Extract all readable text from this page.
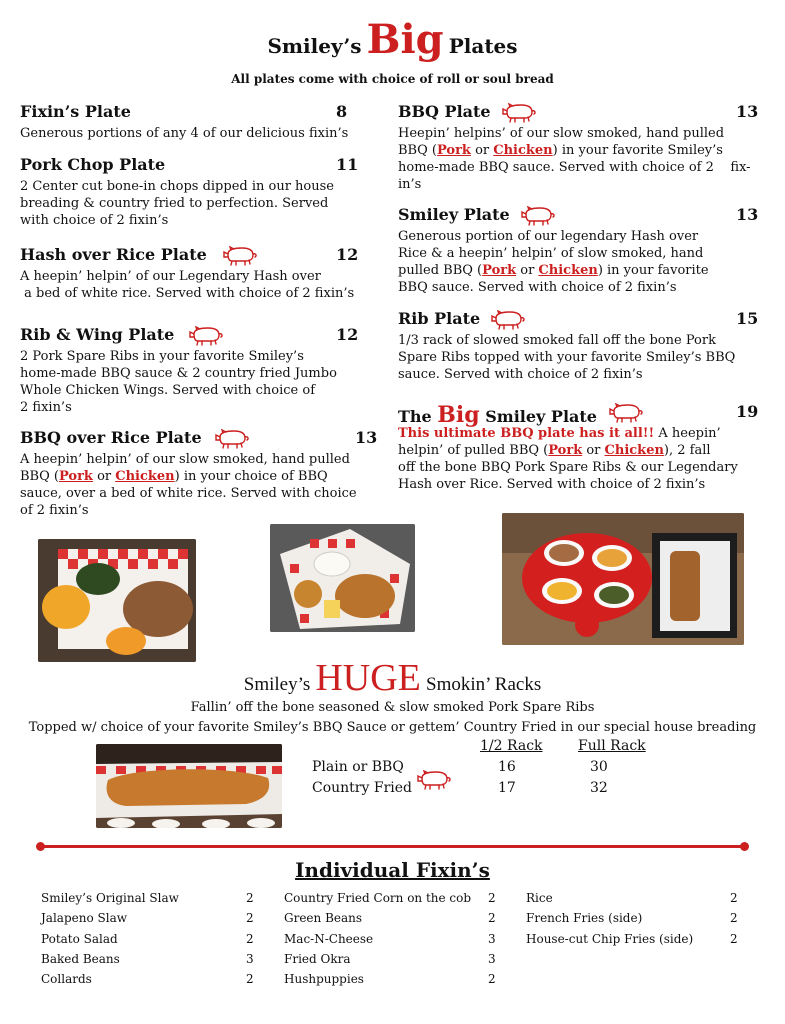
Smiley’s Big Plates
All plates come with choice of roll or soul bread
Fixin’s Plate	8
Generous portions of any 4 of our delicious fixin’s
Pork Chop Plate	11
2 Center cut bone-in chops dipped in our house
breading & country fried to perfection. Served
with choice of 2 fixin’s
Hash over Rice Plate	12
A heepin’ helpin’ of our Legendary Hash over
a bed of white rice. Served with choice of 2 fixin’s
Rib & Wing Plate	12
2 Pork Spare Ribs in your favorite Smiley’s
home-made BBQ sauce & 2 country fried Jumbo
Whole Chicken Wings. Served with choice of
2 fixin’s
BBQ over Rice Plate	13
A heepin’ helpin’ of our slow smoked, hand pulled
BBQ (Pork or Chicken) in your choice of BBQ
sauce, over a bed of white rice. Served with choice
of 2 fixin’s
BBQ Plate	13
Heepin’ helpins’ of our slow smoked, hand pulled
BBQ (Pork or Chicken) in your favorite Smiley’s
home-made BBQ sauce. Served with choice of 2    fix-
in’s
Smiley Plate	13
Generous portion of our legendary Hash over
Rice & a heepin’ helpin’ of slow smoked, hand
pulled BBQ (Pork or Chicken) in your favorite
BBQ sauce. Served with choice of 2 fixin’s
Rib Plate	15
1/3 rack of slowed smoked fall off the bone Pork
Spare Ribs topped with your favorite Smiley’s BBQ
sauce. Served with choice of 2 fixin’s
The Big Smiley Plate	19
This ultimate BBQ plate has it all!! A heepin’
helpin’ of pulled BBQ (Pork or Chicken), 2 fall
off the bone BBQ Pork Spare Ribs & our Legendary
Hash over Rice. Served with choice of 2 fixin’s
Smiley’s HUGE Smokin’ Racks
Fallin’ off the bone seasoned & slow smoked Pork Spare Ribs
Topped w/ choice of your favorite Smiley’s BBQ Sauce or gettem’ Country Fried in our special house breading
1/2 Rack	Full Rack
Plain or BBQ	16	30
Country Fried	17	32
Individual Fixin’s
Smiley’s Original Slaw	2
Jalapeno Slaw	2
Potato Salad	2
Baked Beans	3
Collards	2
Country Fried Corn on the cob 2
Green Beans	2
Mac-N-Cheese	3
Fried Okra	3
Hushpuppies	2
Rice	2
French Fries (side)	2
House-cut Chip Fries (side)	2
